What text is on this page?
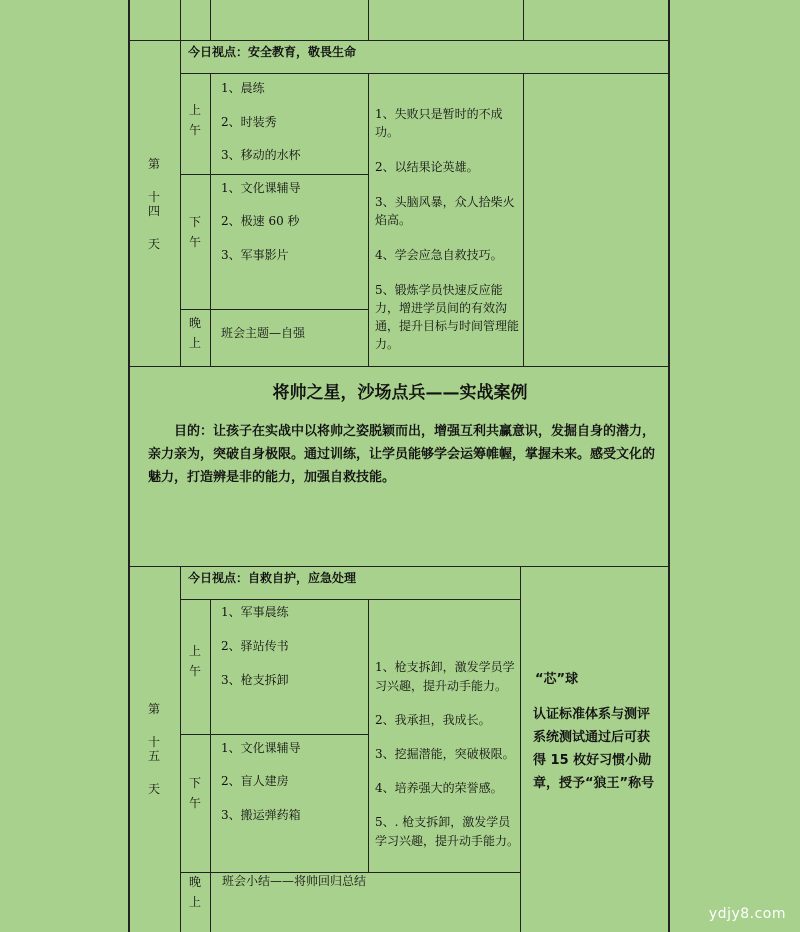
第
十四
天
今日视点：安全教育，敬畏生命
上
午
1、晨练
2、时装秀
3、移动的水杯
下
午
1、文化课辅导
2、极速 60 秒
3、军事影片
晚
上
班会主题—自强
1、失败只是暂时的不成功。
2、以结果论英雄。
3、头脑风暴，众人拾柴火焰高。
4、学会应急自救技巧。
5、锻炼学员快速反应能力，增进学员间的有效沟通，提升目标与时间管理能力。
将帅之星，沙场点兵——实战案例
目的：让孩子在实战中以将帅之姿脱颖而出，增强互利共赢意识，发掘自身的潜力，亲力亲为，突破自身极限。通过训练，让学员能够学会运筹帷幄，掌握未来。感受文化的魅力，打造辨是非的能力，加强自救技能。
第
十五
天
今日视点：自救自护，应急处理
上
午
1、军事晨练
2、驿站传书
3、枪支拆卸
下
午
1、文化课辅导
2、盲人建房
3、搬运弹药箱
晚
上
班会小结——将帅回归总结
1、枪支拆卸，激发学员学习兴趣，提升动手能力。
2、我承担，我成长。
3、挖掘潜能，突破极限。
4、培养强大的荣誉感。
5、. 枪支拆卸，激发学员学习兴趣，提升动手能力。
“芯”球
认证标准体系与测评系统测试通过后可获得 15 枚好习惯小勋章，授予“狼王”称号
ydjy8.com
